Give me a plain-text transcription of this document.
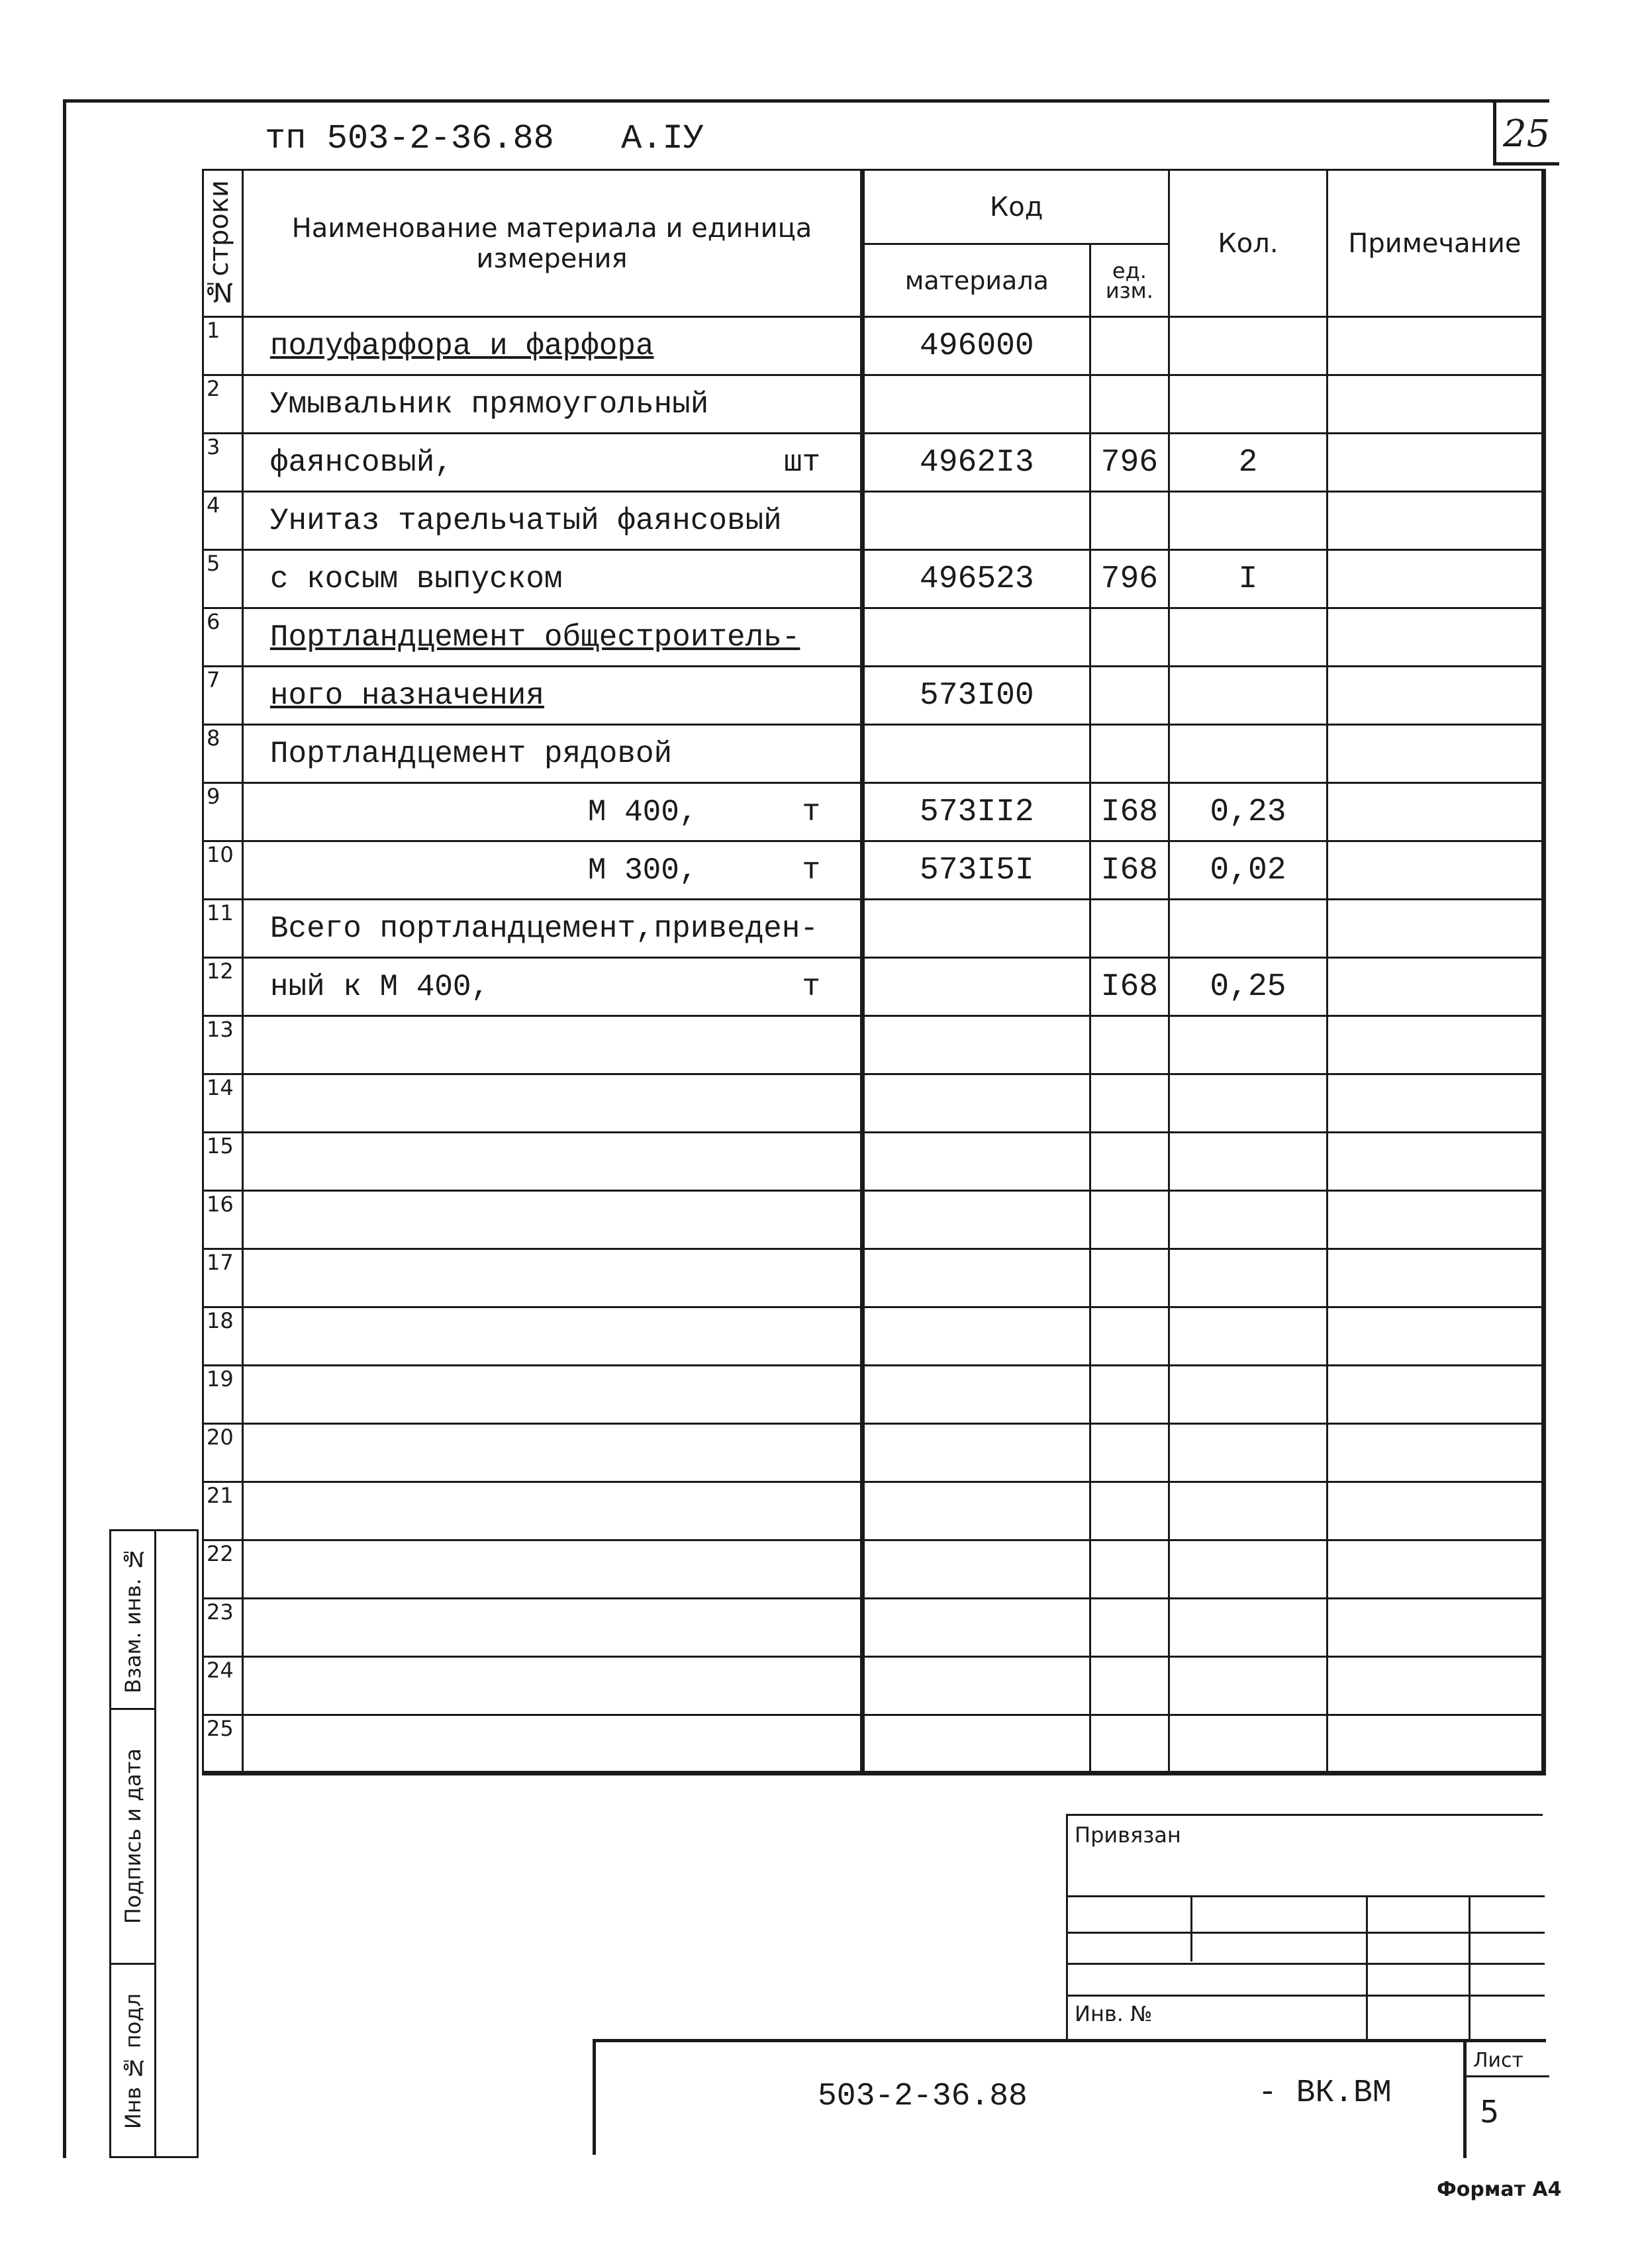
25
тп 503-2-36.88 А.IУ
№строки	Наименование материала и единица измерения	Код		Кол.	Примечание
		материала	ед. изм.		
1	полуфарфора и фарфора	496000			
2	Умывальник прямоугольный				
3	фаянсовый, шт	4962I3	796	2	
4	Унитаз тарельчатый фаянсовый				
5	с косым выпуском	496523	796	I	
6	Портландцемент общестроитель-				
7	ного назначения	573I00			
8	Портландцемент рядовой				
9	М 400, т	573II2	I68	0,23	
10	М 300, т	573I5I	I68	0,02	
11	Всего портландцемент,приведен-				
12	ный к М 400, т		I68	0,25	
13					
14					
15					
16					
17					
18					
19					
20					
21					
22					
23					
24					
25					
Взам. инв. №
Подпись и дата
Инв № подл
Привязан
Инв. №
503-2-36.88	- ВК.ВМ
Лист
5
Формат А4
